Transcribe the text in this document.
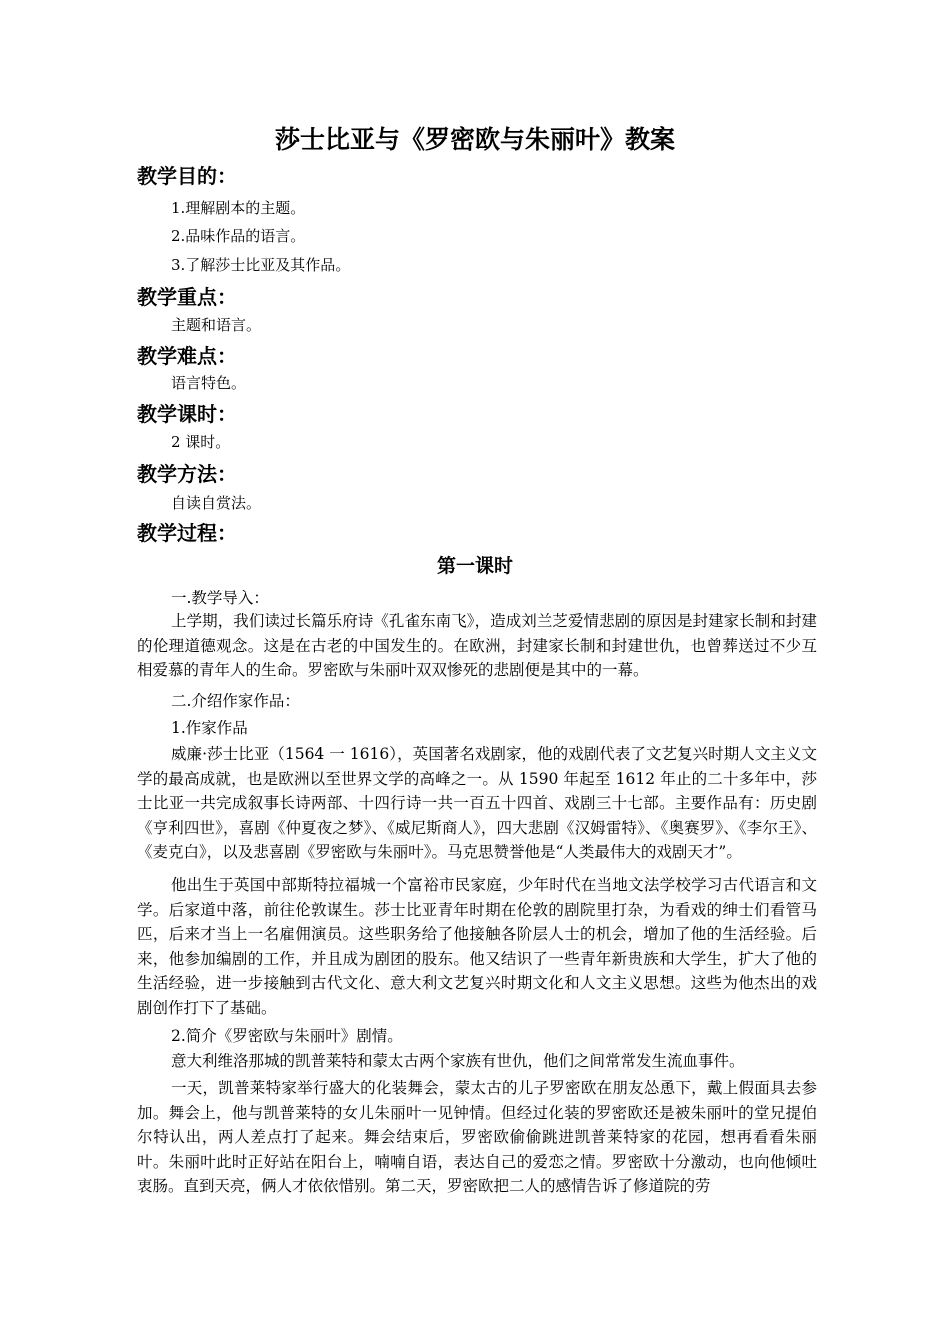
莎士比亚与《罗密欧与朱丽叶》教案
教学目的：
1.理解剧本的主题。
2.品味作品的语言。
3.了解莎士比亚及其作品。
教学重点：
主题和语言。
教学难点：
语言特色。
教学课时：
2 课时。
教学方法：
自读自赏法。
教学过程：
第一课时
一.教学导入：
上学期，我们读过长篇乐府诗《孔雀东南飞》，造成刘兰芝爱情悲剧的原因是封建家长制和封建的伦理道德观念。这是在古老的中国发生的。在欧洲，封建家长制和封建世仇，也曾葬送过不少互相爱慕的青年人的生命。罗密欧与朱丽叶双双惨死的悲剧便是其中的一幕。
二.介绍作家作品：
1.作家作品
威廉·莎士比亚（1564 一 1616），英国著名戏剧家，他的戏剧代表了文艺复兴时期人文主义文学的最高成就，也是欧洲以至世界文学的高峰之一。从 1590 年起至 1612 年止的二十多年中，莎士比亚一共完成叙事长诗两部、十四行诗一共一百五十四首、戏剧三十七部。主要作品有：历史剧《亨利四世》，喜剧《仲夏夜之梦》、《威尼斯商人》，四大悲剧《汉姆雷特》、《奥赛罗》、《李尔王》、《麦克白》，以及悲喜剧《罗密欧与朱丽叶》。马克思赞誉他是“人类最伟大的戏剧天才”。
他出生于英国中部斯特拉福城一个富裕市民家庭，少年时代在当地文法学校学习古代语言和文学。后家道中落，前往伦敦谋生。莎士比亚青年时期在伦敦的剧院里打杂，为看戏的绅士们看管马匹，后来才当上一名雇佣演员。这些职务给了他接触各阶层人士的机会，增加了他的生活经验。后来，他参加编剧的工作，并且成为剧团的股东。他又结识了一些青年新贵族和大学生，扩大了他的生活经验，进一步接触到古代文化、意大利文艺复兴时期文化和人文主义思想。这些为他杰出的戏剧创作打下了基础。
2.简介《罗密欧与朱丽叶》剧情。
意大利维洛那城的凯普莱特和蒙太古两个家族有世仇，他们之间常常发生流血事件。
一天，凯普莱特家举行盛大的化装舞会，蒙太古的儿子罗密欧在朋友怂恿下，戴上假面具去参加。舞会上，他与凯普莱特的女儿朱丽叶一见钟情。但经过化装的罗密欧还是被朱丽叶的堂兄提伯尔特认出，两人差点打了起来。舞会结束后，罗密欧偷偷跳进凯普莱特家的花园，想再看看朱丽叶。朱丽叶此时正好站在阳台上，喃喃自语，表达自己的爱恋之情。罗密欧十分激动，也向他倾吐衷肠。直到天亮，俩人才依依惜别。第二天，罗密欧把二人的感情告诉了修道院的劳
